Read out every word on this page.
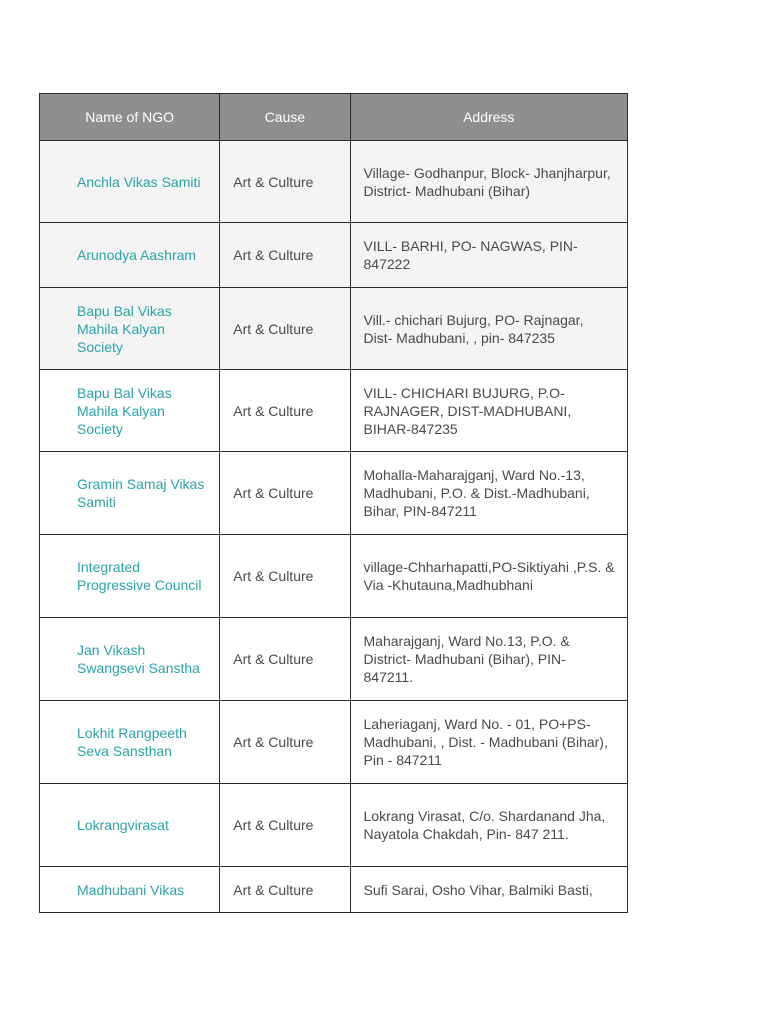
Name of NGO	Cause	Address
Anchla Vikas Samiti	Art & Culture	Village- Godhanpur, Block- Jhanjharpur, District- Madhubani (Bihar)
Arunodya Aashram	Art & Culture	VILL- BARHI, PO- NAGWAS, PIN-847222
Bapu Bal Vikas Mahila Kalyan Society	Art & Culture	Vill.- chichari Bujurg, PO- Rajnagar, Dist- Madhubani, , pin- 847235
Bapu Bal Vikas Mahila Kalyan Society	Art & Culture	VILL- CHICHARI BUJURG, P.O-RAJNAGER, DIST-MADHUBANI, BIHAR-847235
Gramin Samaj Vikas Samiti	Art & Culture	Mohalla-Maharajganj, Ward No.-13, Madhubani, P.O. & Dist.-Madhubani, Bihar, PIN-847211
Integrated Progressive Council	Art & Culture	village-Chharhapatti,PO-Siktiyahi ,P.S. & Via -Khutauna,Madhubhani
Jan Vikash Swangsevi Sanstha	Art & Culture	Maharajganj, Ward No.13, P.O. & District- Madhubani (Bihar), PIN-847211.
Lokhit Rangpeeth Seva Sansthan	Art & Culture	Laheriaganj, Ward No. - 01, PO+PS-Madhubani, , Dist. - Madhubani (Bihar), Pin - 847211
Lokrangvirasat	Art & Culture	Lokrang Virasat, C/o. Shardanand Jha, Nayatola Chakdah, Pin- 847 211.
Madhubani Vikas	Art & Culture	Sufi Sarai, Osho Vihar, Balmiki Basti,
